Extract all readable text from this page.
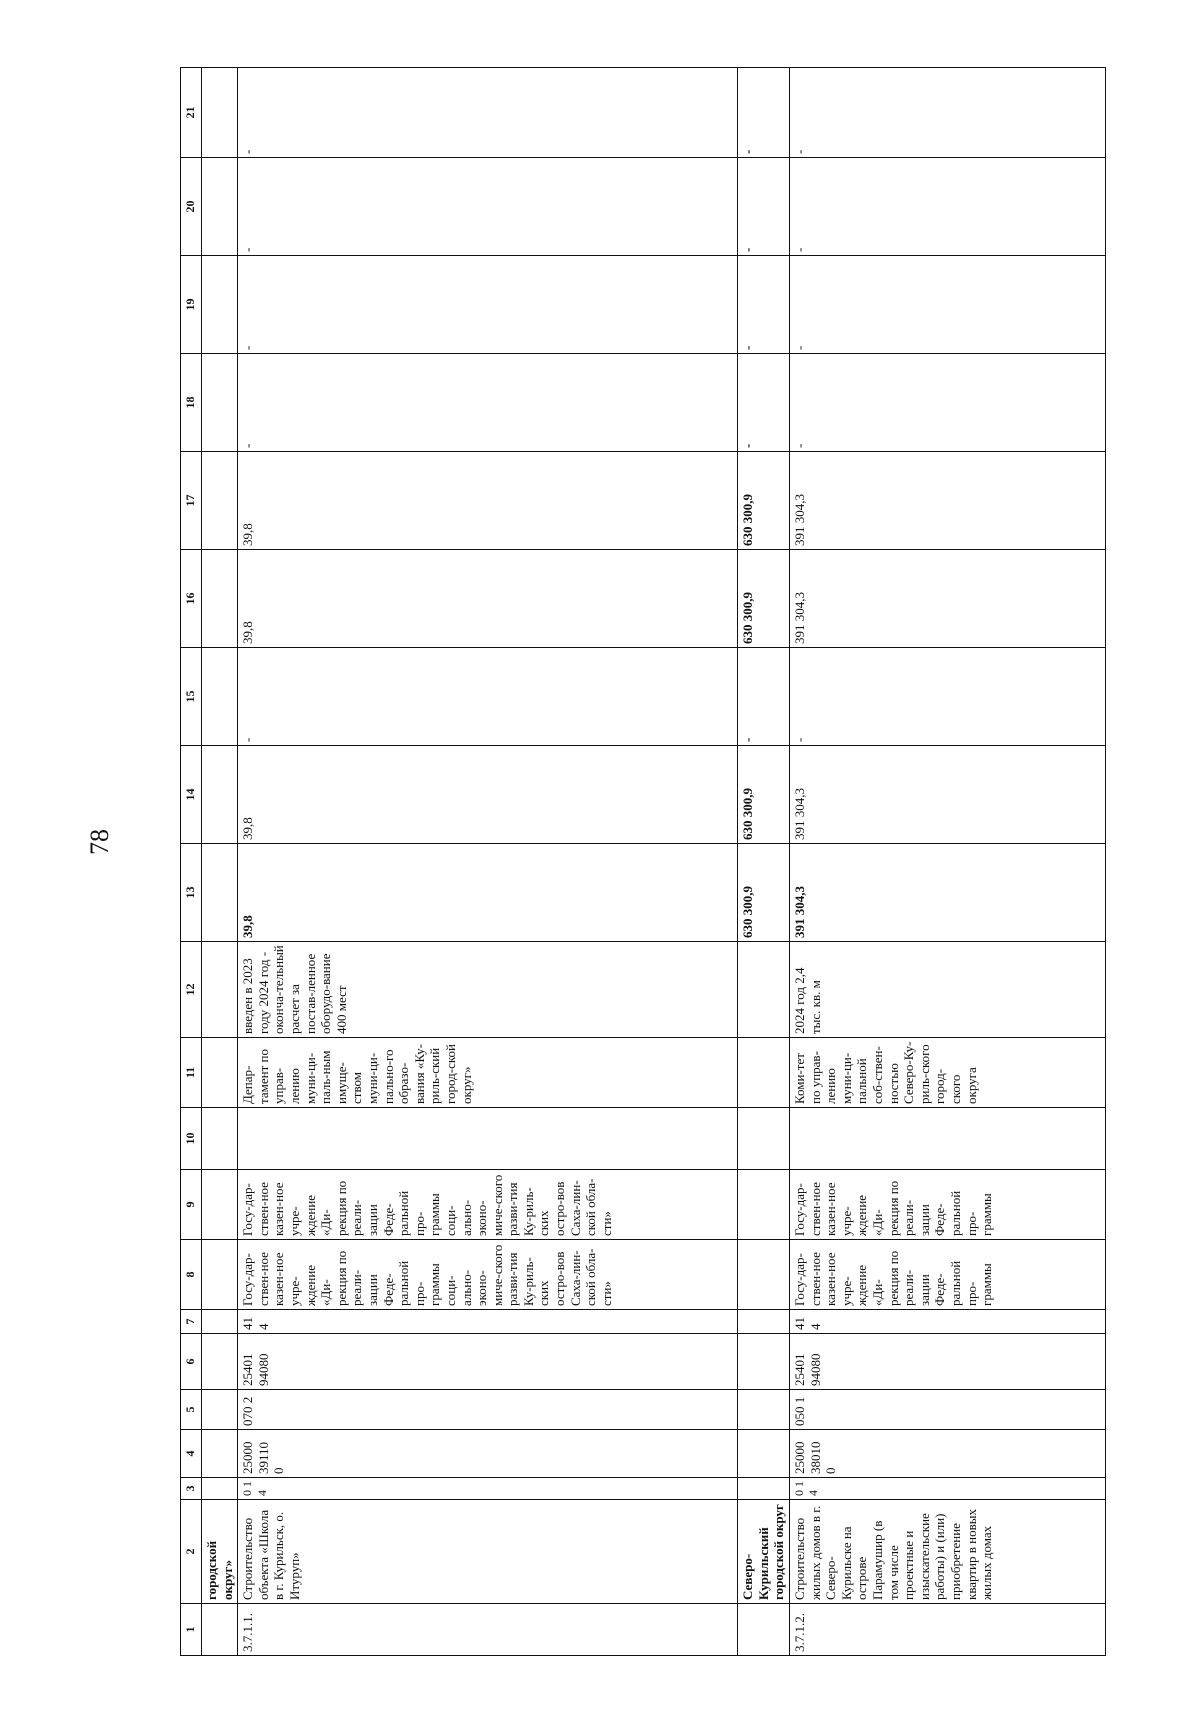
78
1	2	3	4	5	6	7	8	9	10	11	12	13	14	15	16	17	18	19	20	21
	городской округ»																			
3.7.1.1.	Строительство объекта «Школа в г. Курильск, о. Итуруп»	0 1 4	25000 39110 0	070 2	25401 94080	41 4	Госу-дар-ствен-ное казен-ное учре-ждение «Ди-рекция по реали-зации Феде-ральной про-граммы соци-ально-эконо-миче-ского разви-тия Ку-риль-ских остро-вов Саха-лин-ской обла-сти»	Госу-дар-ствен-ное казен-ное учре-ждение «Ди-рекция по реали-зации Феде-ральной про-граммы соци-ально-эконо-миче-ского разви-тия Ку-риль-ских остро-вов Саха-лин-ской обла-сти»		Депар-тамент по управ-лению муни-ци-паль-ным имуще-ством муни-ци-пально-го образо-вания «Ку-риль-ский город-ской округ»	введен в 2023 году 2024 год - оконча-тельный расчет за постав-ленное оборудо-вание 400 мест	39,8	39,8	-	39,8	39,8	-	-	-	-
	Северо-Курильский городской округ											630 300,9	630 300,9	-	630 300,9	630 300,9	-	-	-	-
3.7.1.2.	Строительство жилых домов в г. Северо-Курильске на острове Парамушир (в том числе проектные и изыскательские работы) и (или) приобретение квартир в новых жилых домах	0 1 4	25000 38010 0	050 1	25401 94080	41 4	Госу-дар-ствен-ное казен-ное учре-ждение «Ди-рекция по реали-зации Феде-ральной про-граммы	Госу-дар-ствен-ное казен-ное учре-ждение «Ди-рекция по реали-зации Феде-ральной про-граммы		Коми-тет по управ-лению муни-ци-пальной соб-ствен-ностью Северо-Ку-риль-ского город-ского округа	2024 год 2,4 тыс. кв. м	391 304,3	391 304,3	-	391 304,3	391 304,3	-	-	-	-
